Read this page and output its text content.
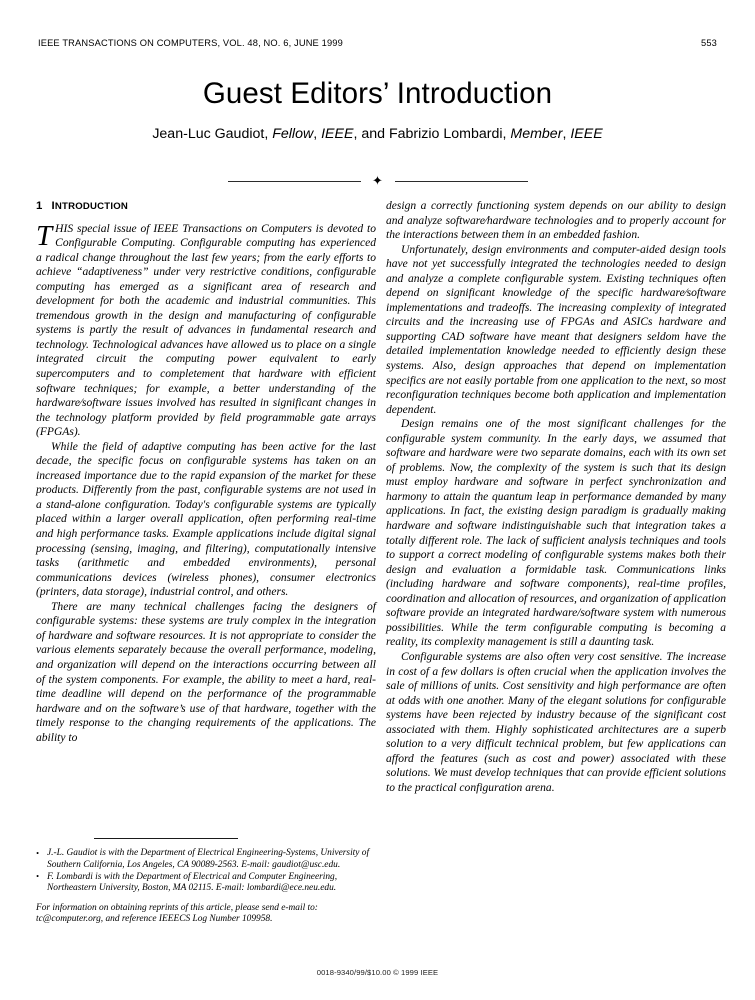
IEEE TRANSACTIONS ON COMPUTERS, VOL. 48, NO. 6, JUNE 1999	553
Guest Editors’ Introduction
Jean-Luc Gaudiot, Fellow, IEEE, and Fabrizio Lombardi, Member, IEEE
✦
1 INTRODUCTION

THIS special issue of IEEE Transactions on Computers is devoted to Configurable Computing. Configurable computing has experienced a radical change throughout the last few years; from the early efforts to achieve “adaptiveness” under very restrictive conditions, configurable computing has emerged as a significant area of research and development for both the academic and industrial communities. This tremendous growth in the design and manufacturing of configurable systems is partly the result of advances in fundamental research and technology. Technological advances have allowed us to place on a single integrated circuit the computing power equivalent to early supercomputers and to completement that hardware with efficient software techniques; for example, a better understanding of the hardware⁄software issues involved has resulted in significant changes in the technology platform provided by field programmable gate arrays (FPGAs).

While the field of adaptive computing has been active for the last decade, the specific focus on configurable systems has taken on an increased importance due to the rapid expansion of the market for these products. Differently from the past, configurable systems are not used in a stand-alone configuration. Today's configurable systems are typically placed within a larger overall application, often performing real-time and high performance tasks. Example applications include digital signal processing (sensing, imaging, and filtering), computationally intensive tasks (arithmetic and embedded environments), personal communications devices (wireless phones), consumer electronics (printers, data storage), industrial control, and others.

There are many technical challenges facing the designers of configurable systems: these systems are truly complex in the integration of hardware and software resources. It is not appropriate to consider the various elements separately because the overall performance, modeling, and organization will depend on the interactions occurring between all of the system components. For example, the ability to meet a hard, real-time deadline will depend on the performance of the programmable hardware and on the software’s use of that hardware, together with the timely response to the changing requirements of the applications. The ability to

design a correctly functioning system depends on our ability to design and analyze software⁄hardware technologies and to properly account for the interactions between them in an embedded fashion.

Unfortunately, design environments and computer-aided design tools have not yet successfully integrated the technologies needed to design and analyze a complete configurable system. Existing techniques often depend on significant knowledge of the specific hardware⁄software implementations and tradeoffs. The increasing complexity of integrated circuits and the increasing use of FPGAs and ASICs hardware and supporting CAD software have meant that designers seldom have the detailed implementation knowledge needed to efficiently design these systems. Also, design approaches that depend on implementation specifics are not easily portable from one application to the next, so most reconfiguration techniques become both application and implementation dependent.

Design remains one of the most significant challenges for the configurable system community. In the early days, we assumed that software and hardware were two separate domains, each with its own set of problems. Now, the complexity of the system is such that its design must employ hardware and software in perfect synchronization and harmony to attain the quantum leap in performance demanded by many applications. In fact, the existing design paradigm is gradually making hardware and software indistinguishable such that integration takes a totally different role. The lack of sufficient analysis techniques and tools to support a correct modeling of configurable systems makes both their design and evaluation a formidable task. Communications links (including hardware and software components), real-time profiles, coordination and allocation of resources, and organization of application software provide an integrated hardware/software system with numerous possibilities. While the term configurable computing is becoming a reality, its complexity management is still a daunting task.

Configurable systems are also often very cost sensitive. The increase in cost of a few dollars is often crucial when the application involves the sale of millions of units. Cost sensitivity and high performance are often at odds with one another. Many of the elegant solutions for configurable systems have been rejected by industry because of the significant cost associated with them. Highly sophisticated architectures are a superb solution to a very difficult technical problem, but few applications can afford the features (such as cost and power) associated with these solutions. We must develop techniques that can provide efficient solutions to the practical configuration arena.

• J.-L. Gaudiot is with the Department of Electrical Engineering-Systems, University of Southern California, Los Angeles, CA 90089-2563. E-mail: gaudiot@usc.edu.
• F. Lombardi is with the Department of Electrical and Computer Engineering, Northeastern University, Boston, MA 02115. E-mail: lombardi@ece.neu.edu.
For information on obtaining reprints of this article, please send e-mail to: tc@computer.org, and reference IEEECS Log Number 109958.
0018-9340/99/$10.00 © 1999 IEEE
